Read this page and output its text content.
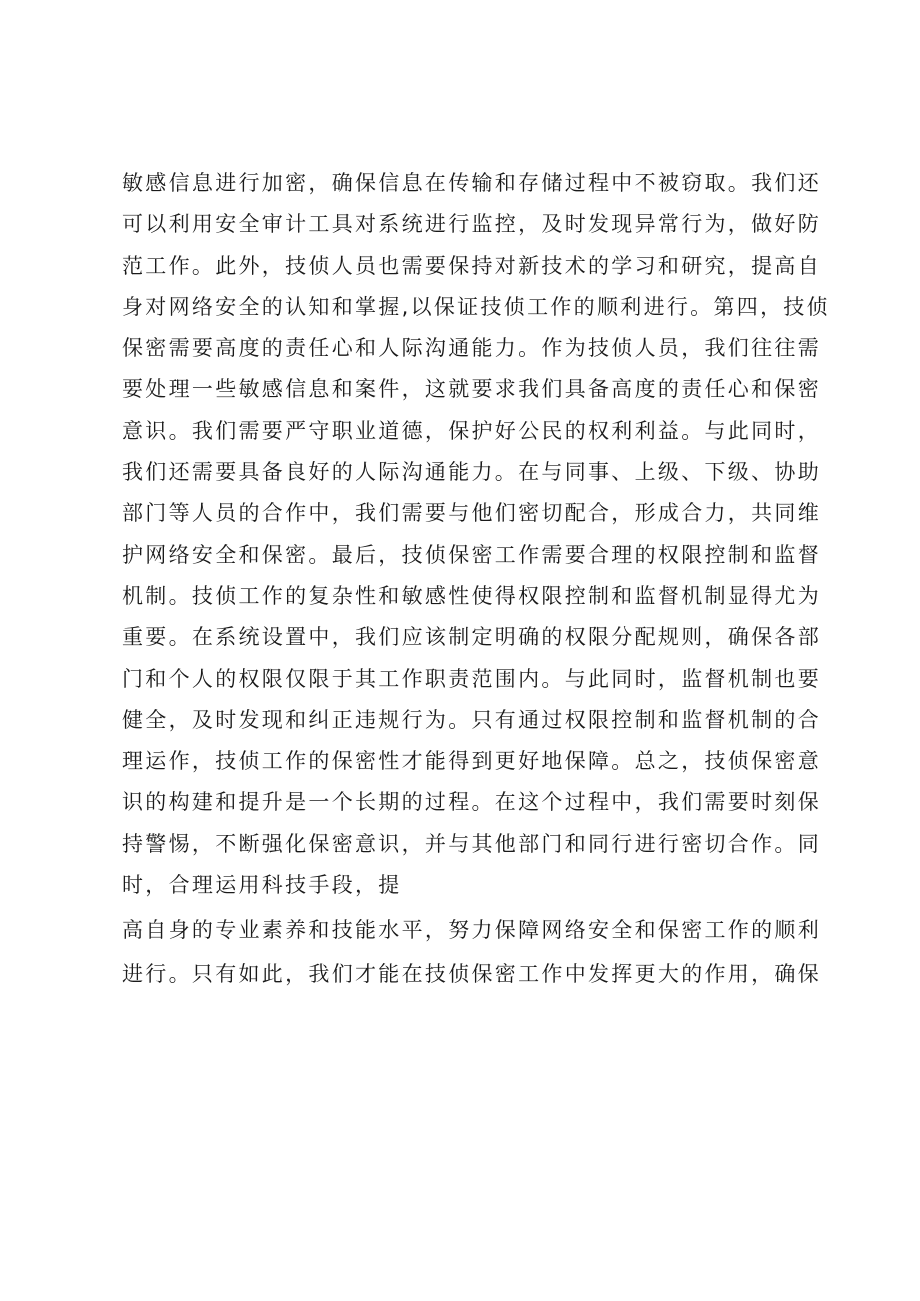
敏感信息进行加密，确保信息在传输和存储过程中不被窃取。我们还
可以利用安全审计工具对系统进行监控，及时发现异常行为，做好防
范工作。此外，技侦人员也需要保持对新技术的学习和研究，提高自
身对网络安全的认知和掌握,以保证技侦工作的顺利进行。第四，技侦
保密需要高度的责任心和人际沟通能力。作为技侦人员，我们往往需
要处理一些敏感信息和案件，这就要求我们具备高度的责任心和保密
意识。我们需要严守职业道德，保护好公民的权利利益。与此同时，
我们还需要具备良好的人际沟通能力。在与同事、上级、下级、协助
部门等人员的合作中，我们需要与他们密切配合，形成合力，共同维
护网络安全和保密。最后，技侦保密工作需要合理的权限控制和监督
机制。技侦工作的复杂性和敏感性使得权限控制和监督机制显得尤为
重要。在系统设置中，我们应该制定明确的权限分配规则，确保各部
门和个人的权限仅限于其工作职责范围内。与此同时，监督机制也要
健全，及时发现和纠正违规行为。只有通过权限控制和监督机制的合
理运作，技侦工作的保密性才能得到更好地保障。总之，技侦保密意
识的构建和提升是一个长期的过程。在这个过程中，我们需要时刻保
持警惕，不断强化保密意识，并与其他部门和同行进行密切合作。同
时，合理运用科技手段，提
高自身的专业素养和技能水平，努力保障网络安全和保密工作的顺利
进行。只有如此，我们才能在技侦保密工作中发挥更大的作用，确保
